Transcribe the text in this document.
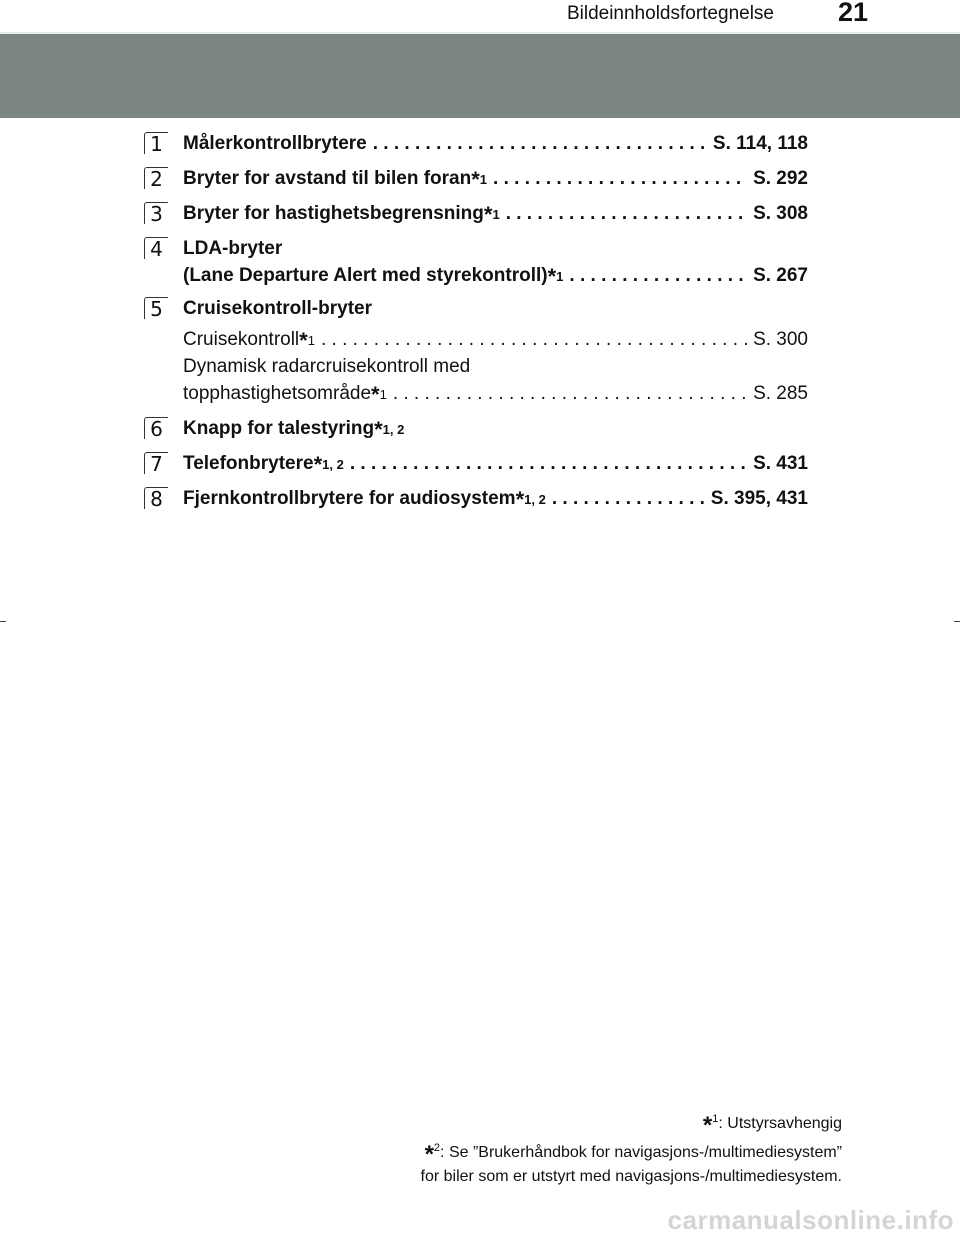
Bildeinnholdsfortegnelse 21
1 Målerkontrollbrytere . . .	S. 114, 118
2 Bryter for avstand til bilen foran *1 . . .	S. 292
3 Bryter for hastighetsbegrensning *1 . . .	S. 308
4 LDA-bryter
(Lane Departure Alert med styrekontroll) *1 . . .	S. 267
5 Cruisekontroll-bryter
Cruisekontroll *1 . . .	S. 300
Dynamisk radarcruisekontroll med
topphastighetsområde *1 . . .	S. 285
6 Knapp for talestyring *1, 2
7 Telefonbrytere *1, 2 . . .	S. 431
8 Fjernkontrollbrytere for audiosystem *1, 2 . . .	S. 395, 431
*$^1$: Utstyrsavhengig
*$^2$: Se ”Brukerhåndbok for navigasjons-/multimediesystem”
for biler som er utstyrt med navigasjons-/multimediesystem.
carmanualsonline.info
